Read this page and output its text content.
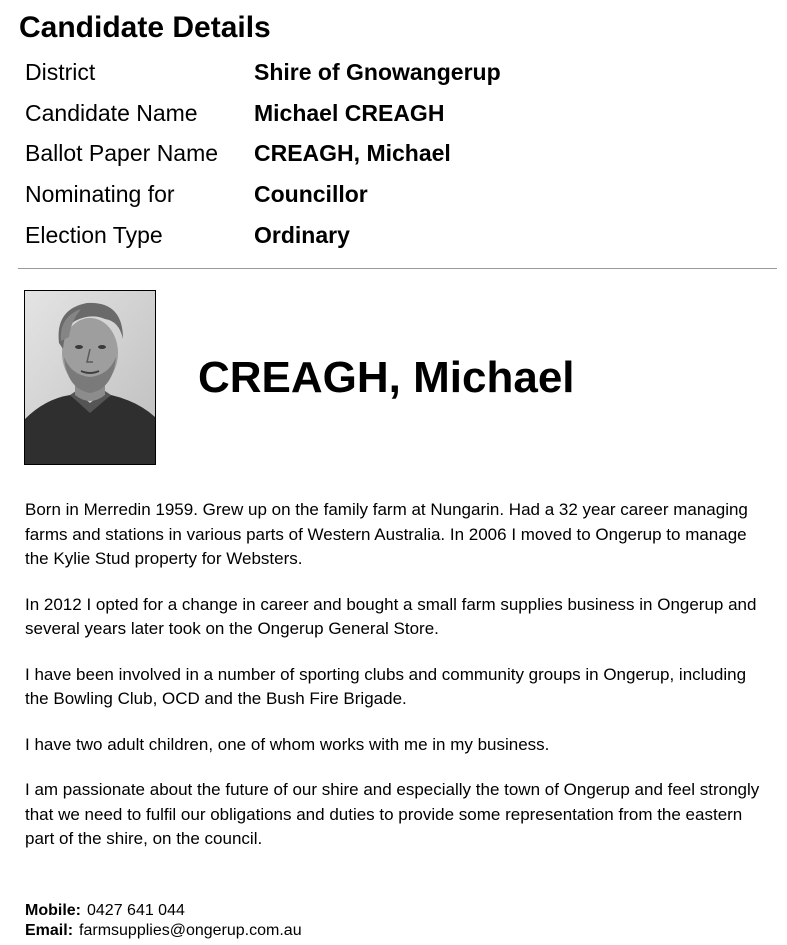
Candidate Details
District	Shire of Gnowangerup
Candidate Name	Michael CREAGH
Ballot Paper Name	CREAGH, Michael
Nominating for	Councillor
Election Type	Ordinary
CREAGH, Michael

Born in Merredin 1959. Grew up on the family farm at Nungarin. Had a 32 year career managing farms and stations in various parts of Western Australia. In 2006 I moved to Ongerup to manage the Kylie Stud property for Websters.

In 2012 I opted for a change in career and bought a small farm supplies business in Ongerup and several years later took on the Ongerup General Store.

I have been involved in a number of sporting clubs and community groups in Ongerup, including the Bowling Club, OCD and the Bush Fire Brigade.

I have two adult children, one of whom works with me in my business.

I am passionate about the future of our shire and especially the town of Ongerup and feel strongly that we need to fulfil our obligations and duties to provide some representation from the eastern part of the shire, on the council.

Mobile: 0427 641 044
Email: farmsupplies@ongerup.com.au
